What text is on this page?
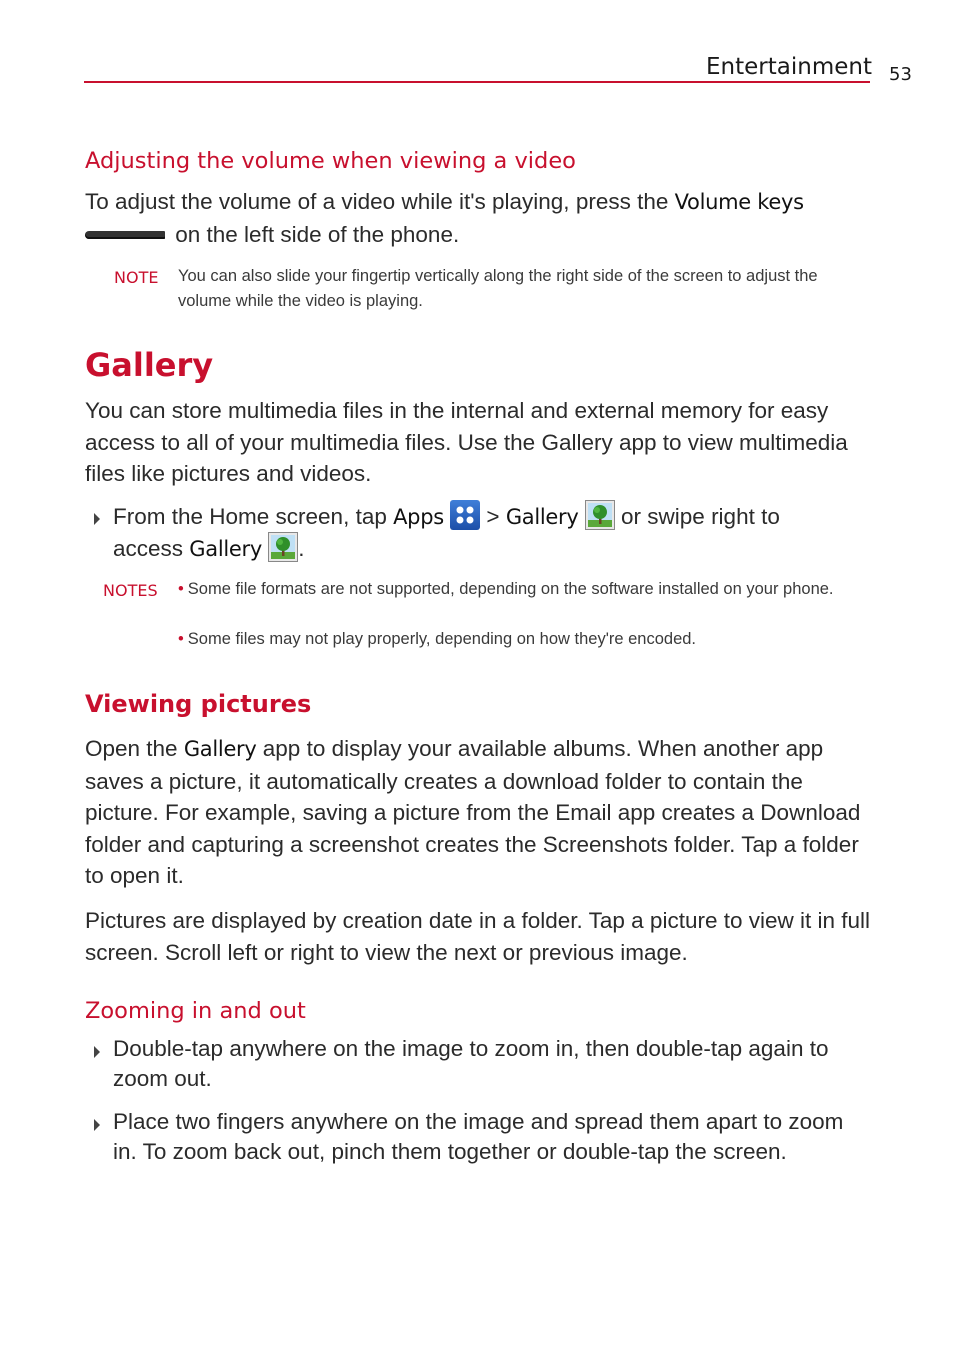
Entertainment 53
Adjusting the volume when viewing a video

To adjust the volume of a video while it's playing, press the Volume keys
on the left side of the phone.

NOTE You can also slide your fingertip vertically along the right side of the screen to adjust the volume while the video is playing.

Gallery

You can store multimedia files in the internal and external memory for easy access to all of your multimedia files. Use the Gallery app to view multimedia files like pictures and videos.

From the Home screen, tap Apps  > Gallery  or swipe right to access Gallery .

NOTES • Some file formats are not supported, depending on the software installed on your phone.

• Some files may not play properly, depending on how they're encoded.

Viewing pictures

Open the Gallery app to display your available albums. When another app saves a picture, it automatically creates a download folder to contain the picture. For example, saving a picture from the Email app creates a Download folder and capturing a screenshot creates the Screenshots folder. Tap a folder to open it.

Pictures are displayed by creation date in a folder. Tap a picture to view it in full screen. Scroll left or right to view the next or previous image.

Zooming in and out

Double-tap anywhere on the image to zoom in, then double-tap again to zoom out.

Place two fingers anywhere on the image and spread them apart to zoom in. To zoom back out, pinch them together or double-tap the screen.
